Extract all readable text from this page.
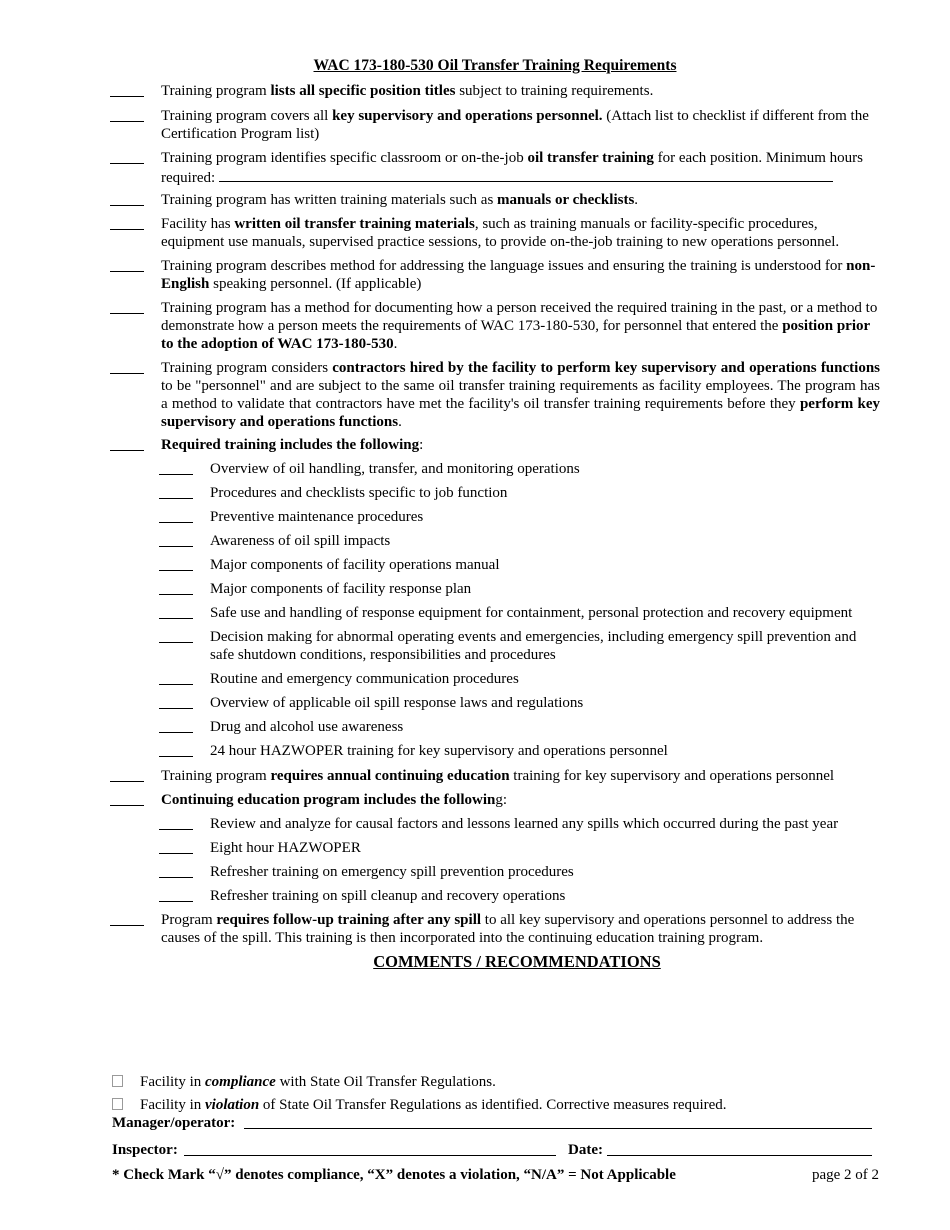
WAC 173-180-530 Oil Transfer Training Requirements
Training program lists all specific position titles subject to training requirements.
Training program covers all key supervisory and operations personnel. (Attach list to checklist if different from the Certification Program list)
Training program identifies specific classroom or on-the-job oil transfer training for each position. Minimum hours required:
Training program has written training materials such as manuals or checklists.
Facility has written oil transfer training materials, such as training manuals or facility-specific procedures, equipment use manuals, supervised practice sessions, to provide on-the-job training to new operations personnel.
Training program describes method for addressing the language issues and ensuring the training is understood for non-English speaking personnel. (If applicable)
Training program has a method for documenting how a person received the required training in the past, or a method to demonstrate how a person meets the requirements of WAC 173-180-530, for personnel that entered the position prior to the adoption of WAC 173-180-530.
Training program considers contractors hired by the facility to perform key supervisory and operations functions to be "personnel" and are subject to the same oil transfer training requirements as facility employees. The program has a method to validate that contractors have met the facility's oil transfer training requirements before they perform key supervisory and operations functions.
Required training includes the following:
Overview of oil handling, transfer, and monitoring operations
Procedures and checklists specific to job function
Preventive maintenance procedures
Awareness of oil spill impacts
Major components of facility operations manual
Major components of facility response plan
Safe use and handling of response equipment for containment, personal protection and recovery equipment
Decision making for abnormal operating events and emergencies, including emergency spill prevention and safe shutdown conditions, responsibilities and procedures
Routine and emergency communication procedures
Overview of applicable oil spill response laws and regulations
Drug and alcohol use awareness
24 hour HAZWOPER training for key supervisory and operations personnel
Training program requires annual continuing education training for key supervisory and operations personnel
Continuing education program includes the following:
Review and analyze for causal factors and lessons learned any spills which occurred during the past year
Eight hour HAZWOPER
Refresher training on emergency spill prevention procedures
Refresher training on spill cleanup and recovery operations
Program requires follow-up training after any spill to all key supervisory and operations personnel to address the causes of the spill. This training is then incorporated into the continuing education training program.
COMMENTS / RECOMMENDATIONS
Facility in compliance with State Oil Transfer Regulations.
Facility in violation of State Oil Transfer Regulations as identified. Corrective measures required.
Manager/operator:
Inspector:	Date:
* Check Mark “√” denotes compliance, “X” denotes a violation, “N/A” = Not Applicable	page 2 of 2
